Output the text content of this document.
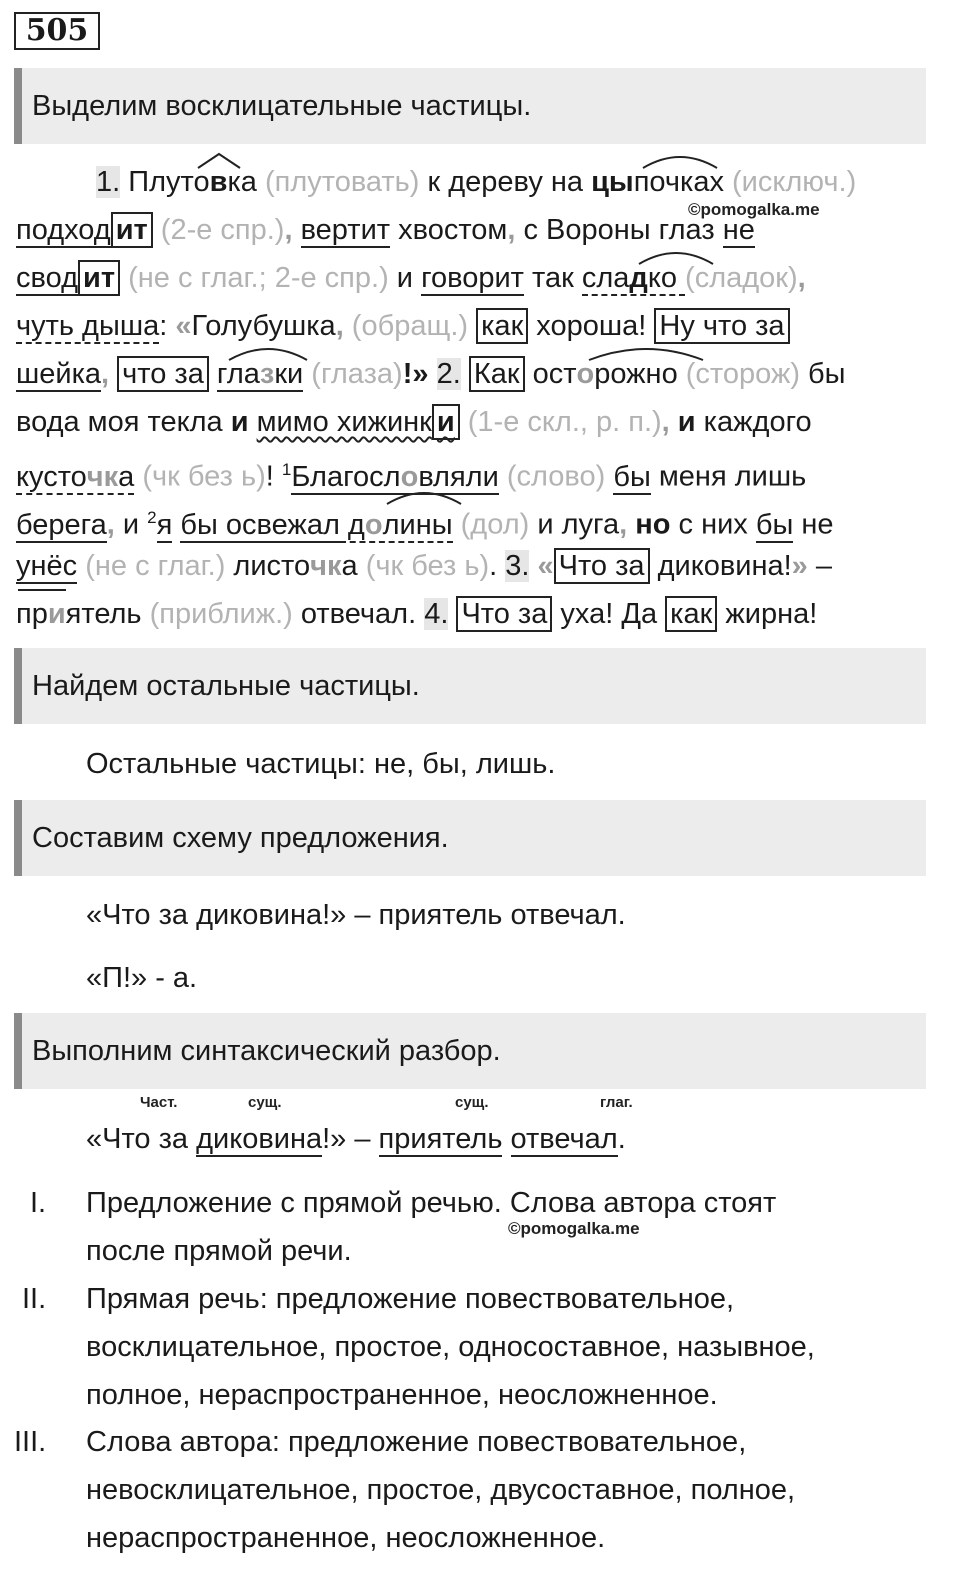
505
Выделим восклицательные частицы.
1. Плутовка (плутовать) к дереву на цыпочках (исключ.)
подход ит (2-е спр.), вертит хвостом, с Вороны глаз не
свод ит (не с глаг.; 2-е спр.) и говорит так сладко (сладок),
чуть дыша: «Голубушка, (обращ.) как хороша! Ну что за
шейка, что за глазки (глаза)!» 2. Как осторожно (сторож) бы
вода моя текла и мимо хижинк и (1-е скл., р. п.), и каждого
кусточка (чк без ь)! $^1$Благословляли (слово) бы меня лишь
берега, и $^2$я бы освежал долины (дол) и луга, но с них бы не
унёс (не с глаг.) листочка (чк без ь). 3. « Что за диковина!» –
приятель (приближ.) отвечал. 4. Что за уха! Да как жирна!
©pomogalka.me
Найдем остальные частицы.
Остальные частицы: не, бы, лишь.
Составим схему предложения.
«Что за диковина!» – приятель отвечал.
«П!» - а.
Выполним синтаксический разбор.
Част.	сущ.	сущ.	глаг.
«Что за диковина!» – приятель отвечал.
I. Предложение с прямой речью. Слова автора стоят
после прямой речи.
©pomogalka.me
II. Прямая речь: предложение повествовательное,
восклицательное, простое, односоставное, назывное,
полное, нераспространенное, неосложненное.
III. Слова автора: предложение повествовательное,
невосклицательное, простое, двусоставное, полное,
нераспространенное, неосложненное.
